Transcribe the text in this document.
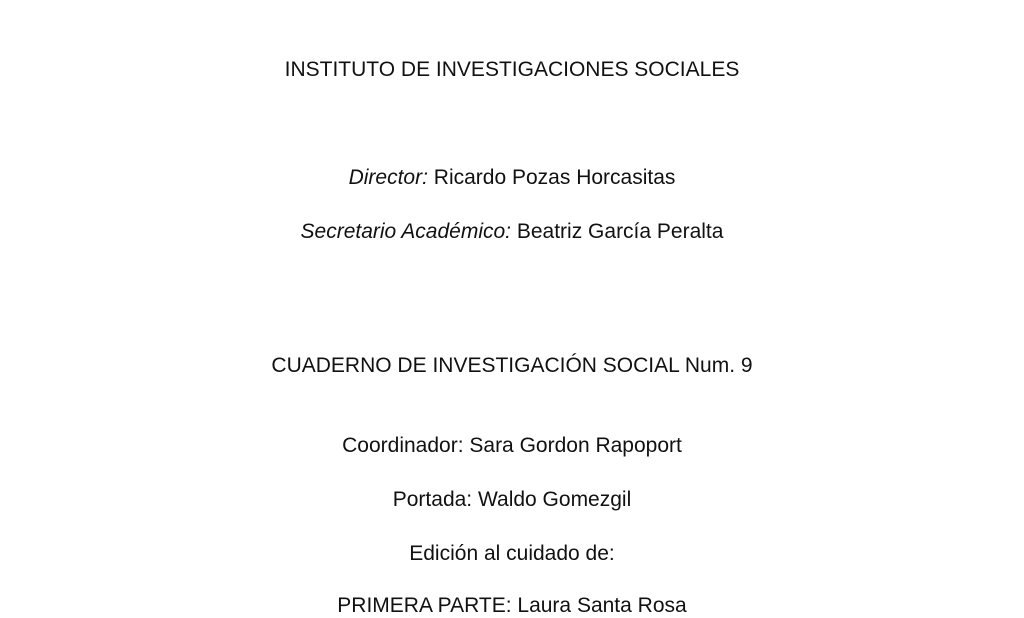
INSTITUTO DE INVESTIGACIONES SOCIALES
Director: Ricardo Pozas Horcasitas
Secretario Académico: Beatriz García Peralta
CUADERNO DE INVESTIGACIÓN SOCIAL Num. 9
Coordinador: Sara Gordon Rapoport
Portada: Waldo Gomezgil
Edición al cuidado de:
PRIMERA PARTE: Laura Santa Rosa
